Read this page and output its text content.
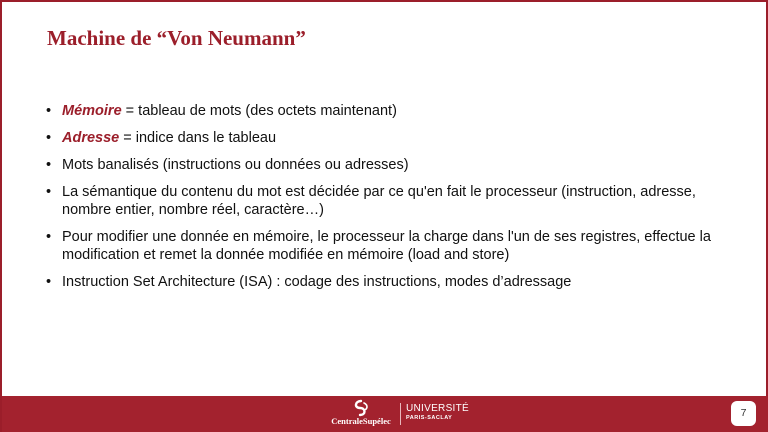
Machine de “Von Neumann”
• Mémoire = tableau de mots (des octets maintenant)
• Adresse = indice dans le tableau
• Mots banalisés (instructions ou données ou adresses)
• La sémantique du contenu du mot est décidée par ce qu'en fait le processeur (instruction, adresse, nombre entier, nombre réel, caractère…)
• Pour modifier une donnée en mémoire, le processeur la charge dans l'un de ses registres, effectue la modification et remet la donnée modifiée en mémoire (load and store)
• Instruction Set Architecture (ISA) : codage des instructions, modes d’adressage
CentraleSupélec
UNIVERSITÉ
PARIS-SACLAY	7
